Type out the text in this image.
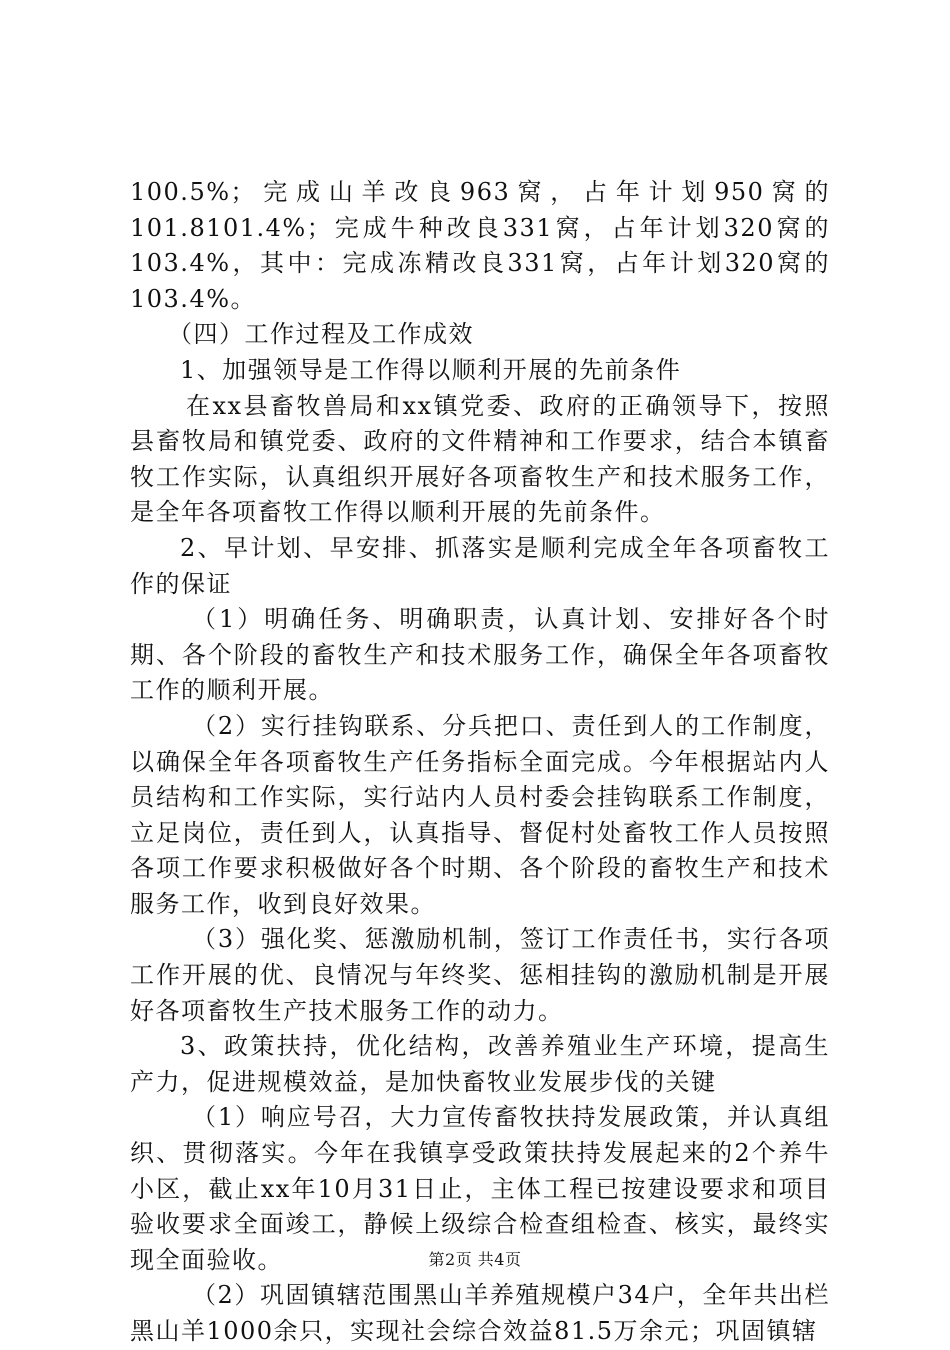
100.5%；完成山羊改良963窝，占年计划950窝的101.8101.4%；完成牛种改良331窝，占年计划320窝的103.4%，其中：完成冻精改良331窝，占年计划320窝的103.4%。

（四）工作过程及工作成效

1、加强领导是工作得以顺利开展的先前条件

在xx县畜牧兽局和xx镇党委、政府的正确领导下，按照县畜牧局和镇党委、政府的文件精神和工作要求，结合本镇畜牧工作实际，认真组织开展好各项畜牧生产和技术服务工作，是全年各项畜牧工作得以顺利开展的先前条件。

2、早计划、早安排、抓落实是顺利完成全年各项畜牧工作的保证

（1）明确任务、明确职责，认真计划、安排好各个时期、各个阶段的畜牧生产和技术服务工作，确保全年各项畜牧工作的顺利开展。

（2）实行挂钩联系、分兵把口、责任到人的工作制度，以确保全年各项畜牧生产任务指标全面完成。今年根据站内人员结构和工作实际，实行站内人员村委会挂钩联系工作制度，立足岗位，责任到人，认真指导、督促村处畜牧工作人员按照各项工作要求积极做好各个时期、各个阶段的畜牧生产和技术服务工作，收到良好效果。

（3）强化奖、惩激励机制，签订工作责任书，实行各项工作开展的优、良情况与年终奖、惩相挂钩的激励机制是开展好各项畜牧生产技术服务工作的动力。

3、政策扶持，优化结构，改善养殖业生产环境，提高生产力，促进规模效益，是加快畜牧业发展步伐的关键

（1）响应号召，大力宣传畜牧扶持发展政策，并认真组织、贯彻落实。今年在我镇享受政策扶持发展起来的2个养牛小区，截止xx年10月31日止，主体工程已按建设要求和项目验收要求全面竣工，静候上级综合检查组检查、核实，最终实现全面验收。

（2）巩固镇辖范围黑山羊养殖规模户34户，全年共出栏黑山羊1000余只，实现社会综合效益81.5万余元；巩固镇辖

第2页 共4页
